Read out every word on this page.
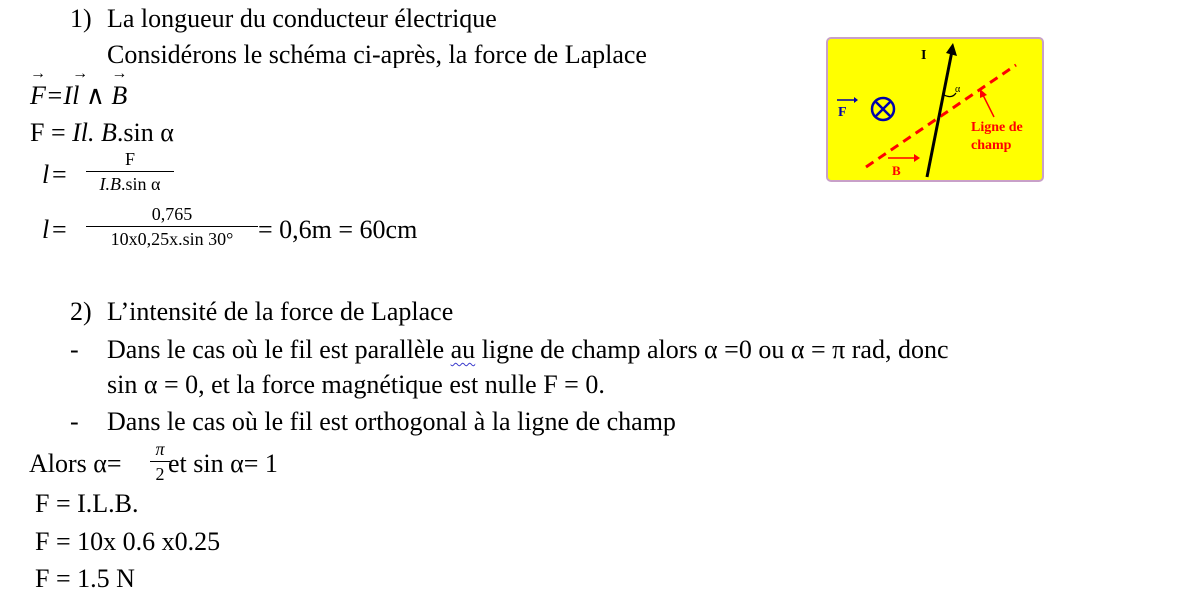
1) La longueur du conducteur électrique
Considérons le schéma ci-après, la force de Laplace
→ F=I→ l ∧ → B
F = Il. B.sin α
$l = \frac{F}{\text{I.B.sin α}}$
$l = \frac{0,765}{10x0,25x.\sin 30^\circ} = 0,6m = 60cm$
2) L’intensité de la force de Laplace
- Dans le cas où le fil est parallèle au ligne de champ alors α =0 ou α = π rad, donc
sin α = 0, et la force magnétique est nulle F = 0.
- Dans le cas où le fil est orthogonal à la ligne de champ
Alors $\alpha= \frac{\pi}{2}$
et sin α= 1
F = I.L.B.
F = 10x 0.6 x0.25
F = 1.5 N
I
F
α
B
Ligne de
champ
